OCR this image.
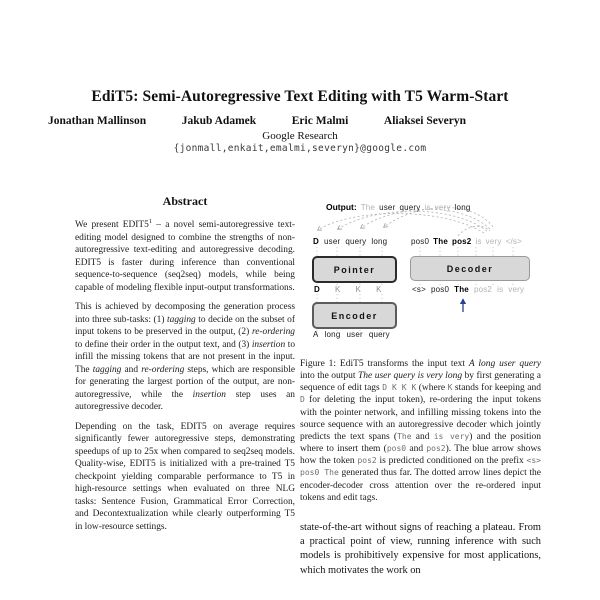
EdiT5: Semi-Autoregressive Text Editing with T5 Warm-Start
Jonathan Mallinson	Jakub Adamek	Eric Malmi	Aliaksei Severyn
Google Research
{jonmall,enkait,emalmi,severyn}@google.com
Abstract

We present $EDIT5^1$ – a novel semi-autoregressive text-editing model designed to combine the strengths of non-autoregressive text-editing and autoregressive decoding. EDIT5 is faster during inference than conventional sequence-to-sequence (seq2seq) models, while being capable of modeling flexible input-output transformations.

This is achieved by decomposing the generation process into three sub-tasks: (1) tagging to decide on the subset of input tokens to be preserved in the output, (2) re-ordering to define their order in the output text, and (3) insertion to infill the missing tokens that are not present in the input. The tagging and re-ordering steps, which are responsible for generating the largest portion of the output, are non-autoregressive, while the insertion step uses an autoregressive decoder.

Depending on the task, EDIT5 on average requires significantly fewer autoregressive steps, demonstrating speedups of up to 25x when compared to seq2seq models. Quality-wise, EDIT5 is initialized with a pre-trained T5 checkpoint yielding comparable performance to T5 in high-resource settings when evaluated on three NLG tasks: Sentence Fusion, Grammatical Error Correction, and Decontextualization while clearly outperforming T5 in low-resource settings.

Output: The user query is very long
D user query long	pos0 The pos2 is very </s>
Pointer	Decoder
D K K K	<s> pos0 The pos2 is very
Encoder
A long user query
Figure 1: EdiT5 transforms the input text A long user query into the output The user query is very long by first generating a sequence of edit tags D K K K (where K stands for keeping and D for deleting the input token), re-ordering the input tokens with the pointer network, and infilling missing tokens into the source sequence with an autoregressive decoder which jointly predicts the text spans (The and is very) and the position where to insert them (pos0 and pos2). The blue arrow shows how the token pos2 is predicted conditioned on the prefix <s> pos0 The generated thus far. The dotted arrow lines depict the encoder-decoder cross attention over the re-ordered input tokens and edit tags.

state-of-the-art without signs of reaching a plateau. From a practical point of view, running inference with such models is prohibitively expensive for most applications, which motivates the work on
